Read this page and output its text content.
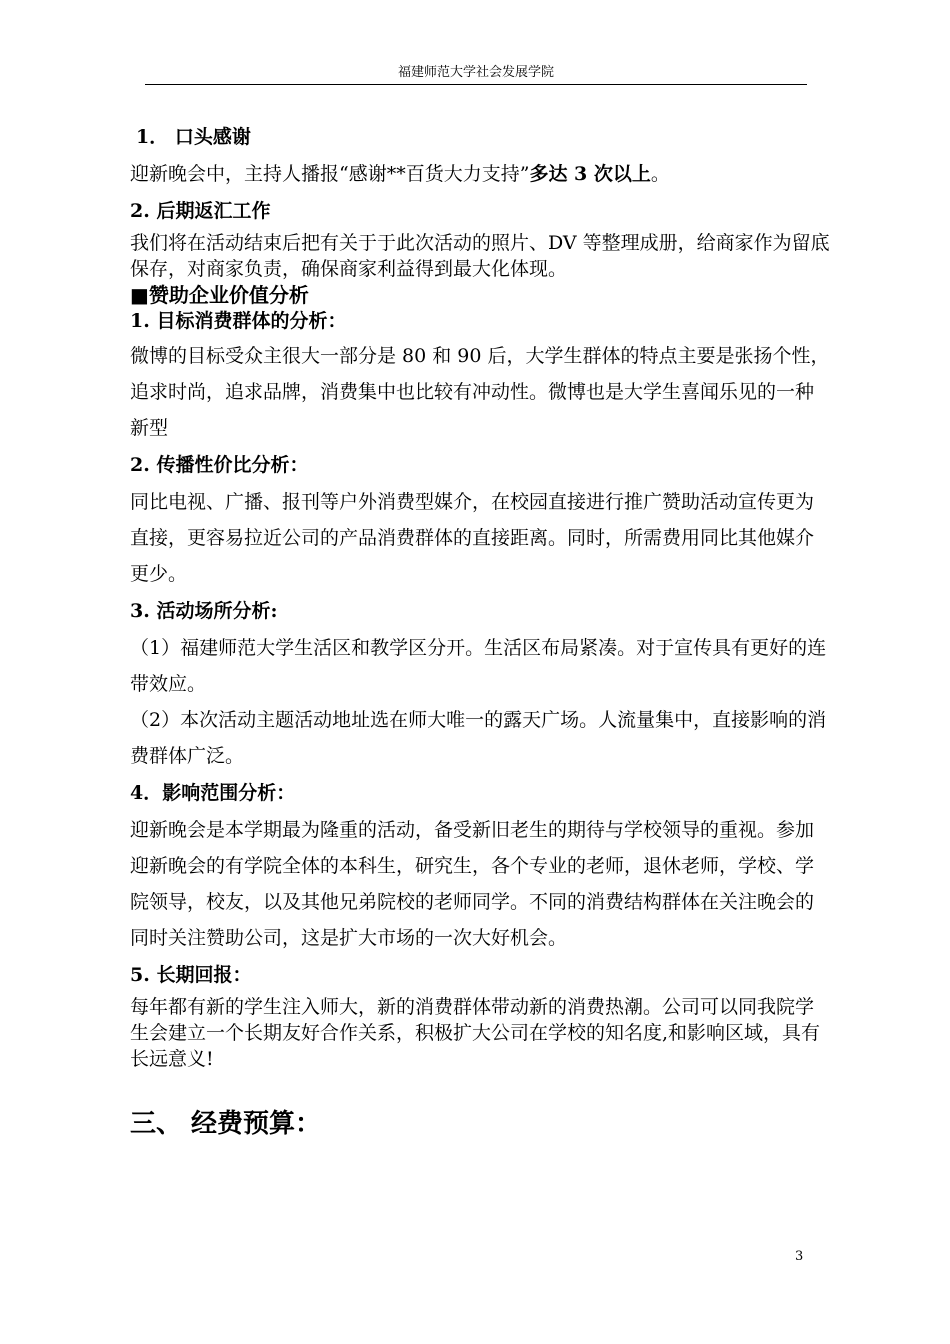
福建师范大学社会发展学院

1． 口头感谢

迎新晚会中，主持人播报“感谢**百货大力支持”多达 3 次以上。

2. 后期返汇工作

我们将在活动结束后把有关于于此次活动的照片、DV 等整理成册，给商家作为留底保存，对商家负责，确保商家利益得到最大化体现。

■赞助企业价值分析

1. 目标消费群体的分析：

微博的目标受众主很大一部分是 80 和 90 后，大学生群体的特点主要是张扬个性，追求时尚，追求品牌，消费集中也比较有冲动性。微博也是大学生喜闻乐见的一种新型

2. 传播性价比分析：

同比电视、广播、报刊等户外消费型媒介，在校园直接进行推广赞助活动宣传更为直接，更容易拉近公司的产品消费群体的直接距离。同时，所需费用同比其他媒介更少。

3. 活动场所分析:

（1）福建师范大学生活区和教学区分开。生活区布局紧凑。对于宣传具有更好的连带效应。

（2）本次活动主题活动地址选在师大唯一的露天广场。人流量集中，直接影响的消费群体广泛。

4．影响范围分析：

迎新晚会是本学期最为隆重的活动，备受新旧老生的期待与学校领导的重视。参加迎新晚会的有学院全体的本科生，研究生，各个专业的老师，退休老师，学校、学院领导，校友，以及其他兄弟院校的老师同学。不同的消费结构群体在关注晚会的同时关注赞助公司，这是扩大市场的一次大好机会。

5. 长期回报：

每年都有新的学生注入师大，新的消费群体带动新的消费热潮。公司可以同我院学生会建立一个长期友好合作关系，积极扩大公司在学校的知名度,和影响区域，具有长远意义!

三、 经费预算：

3
